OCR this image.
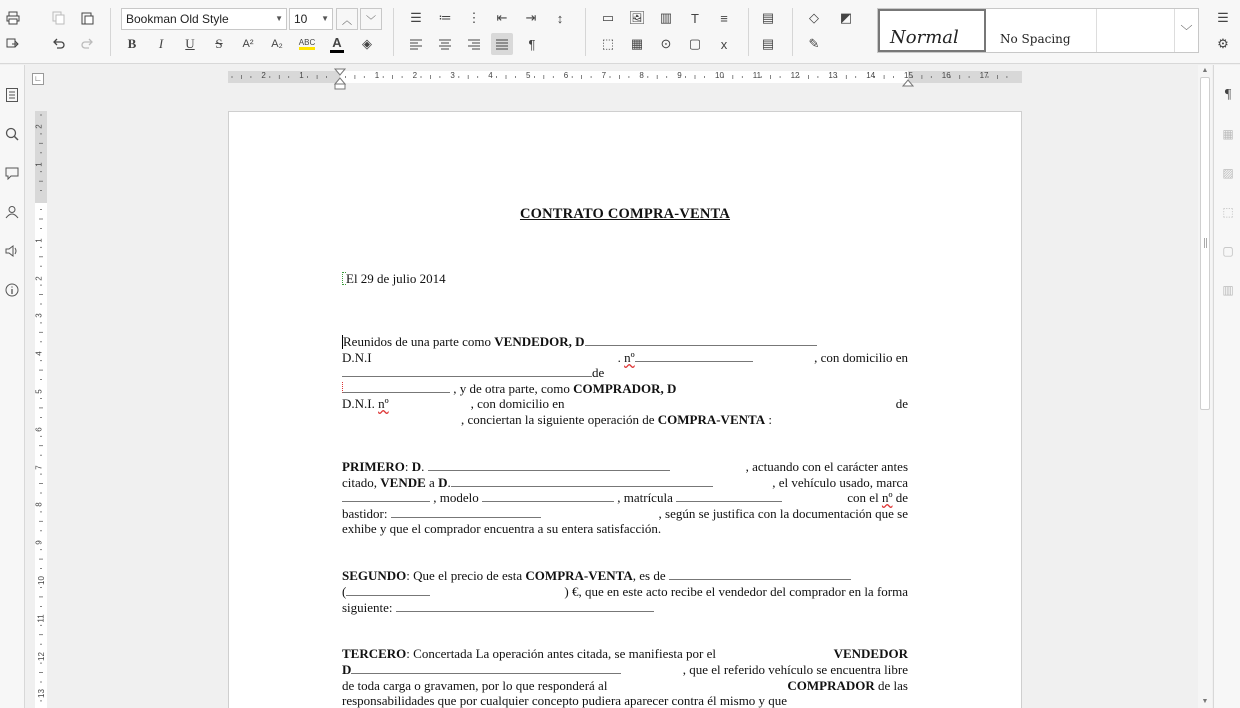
Bookman Old Style	▼ 10 ▼ ︿ ﹀
B	I	U	S	A²	A₂	ABC A	◈
☰	≔	⋮	⇤	⇥	↕
¶
▭	🖼	▥	T	≡
⬚	▦	⊙	▢	x
▤
▤
◇	◩
✎	Normal	No Spacing
﹀
☰
⚙
∟	2	1	1	2	3	4	5	6	7	8	9	10	11	12	13	14	15	16	17
2
1
1
2
3
4
5
6
7
8
9
10
11
12
13

CONTRATO COMPRA-VENTA

El 29 de julio 2014

Reunidos de una parte como VENDEDOR, D

D.N.I	. nº	, con domicilio en

de

, y de otra parte, como COMPRADOR, D

D.N.I. nº	, con domicilio en	de

, conciertan la siguiente operación de COMPRA-VENTA :

PRIMERO: D.	, actuando con el carácter antes

citado, VENDE a D.	, el vehículo usado, marca

, modelo	, matrícula	con el nº de

bastidor:	, según se justifica con la documentación que se

exhibe y que el comprador encuentra a su entera satisfacción.

SEGUNDO: Que el precio de esta COMPRA-VENTA, es de

(	) €, que en este acto recibe el vendedor del comprador en la forma

siguiente:

TERCERO: Concertada La operación antes citada, se manifiesta por el	VENDEDOR

D	, que el referido vehículo se encuentra libre

de toda carga o gravamen, por lo que responderá al	COMPRADOR de las

responsabilidades que por cualquier concepto pudiera aparecer contra él mismo y que

▲
▼
¶
▦
▨
⬚
▢
▥
